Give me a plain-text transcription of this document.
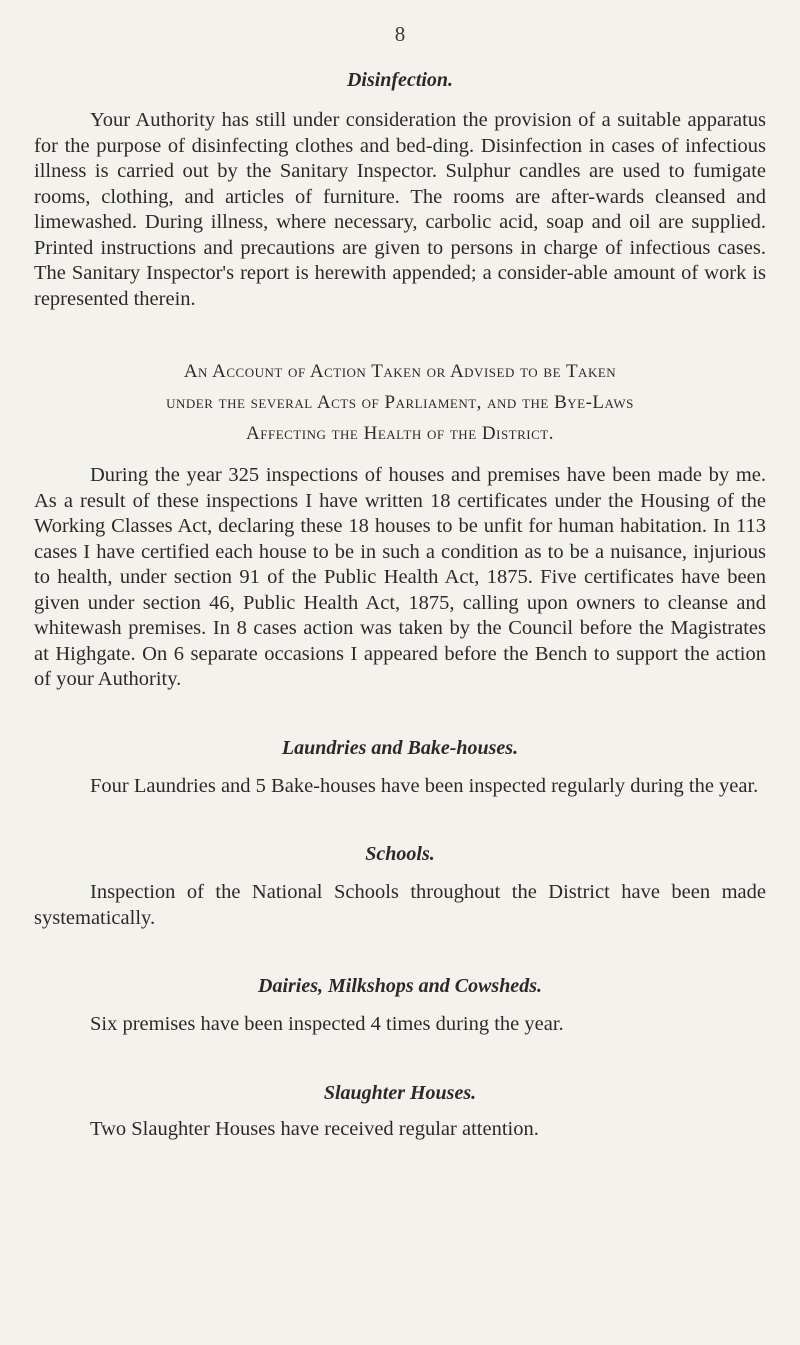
8
Disinfection.

Your Authority has still under consideration the provision of a suitable apparatus for the purpose of disinfecting clothes and bed-ding. Disinfection in cases of infectious illness is carried out by the Sanitary Inspector. Sulphur candles are used to fumigate rooms, clothing, and articles of furniture. The rooms are after-wards cleansed and limewashed. During illness, where necessary, carbolic acid, soap and oil are supplied. Printed instructions and precautions are given to persons in charge of infectious cases. The Sanitary Inspector's report is herewith appended; a consider-able amount of work is represented therein.

An Account of Action Taken or Advised to be Taken
under the several Acts of Parliament, and the Bye-Laws
Affecting the Health of the District.

During the year 325 inspections of houses and premises have been made by me. As a result of these inspections I have written 18 certificates under the Housing of the Working Classes Act, declaring these 18 houses to be unfit for human habitation. In 113 cases I have certified each house to be in such a condition as to be a nuisance, injurious to health, under section 91 of the Public Health Act, 1875. Five certificates have been given under section 46, Public Health Act, 1875, calling upon owners to cleanse and whitewash premises. In 8 cases action was taken by the Council before the Magistrates at Highgate. On 6 separate occasions I appeared before the Bench to support the action of your Authority.

Laundries and Bake-houses.

Four Laundries and 5 Bake-houses have been inspected regularly during the year.

Schools.

Inspection of the National Schools throughout the District have been made systematically.

Dairies, Milkshops and Cowsheds.

Six premises have been inspected 4 times during the year.

Slaughter Houses.

Two Slaughter Houses have received regular attention.
